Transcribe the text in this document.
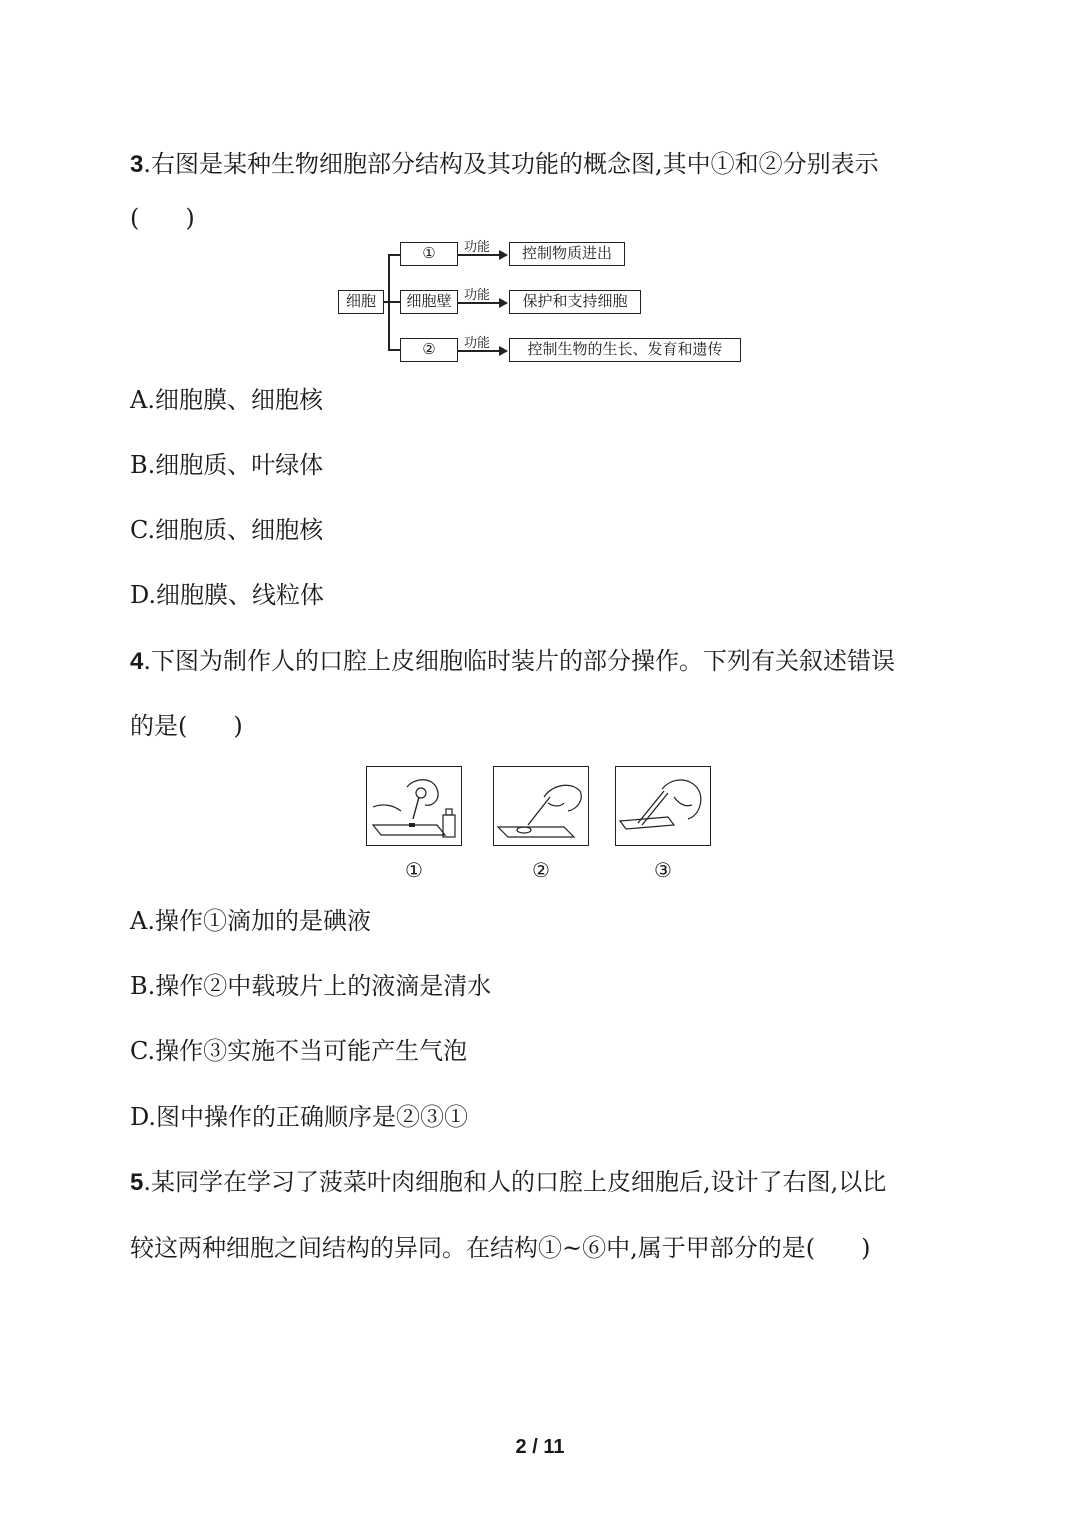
3.右图是某种生物细胞部分结构及其功能的概念图,其中①和②分别表示
( )
细胞
①
细胞壁
②
功能
功能
功能
控制物质进出
保护和支持细胞
控制生物的生长、发育和遗传
A.细胞膜、细胞核
B.细胞质、叶绿体
C.细胞质、细胞核
D.细胞膜、线粒体
4.下图为制作人的口腔上皮细胞临时装片的部分操作。下列有关叙述错误
的是( )
①	②	③
A.操作①滴加的是碘液
B.操作②中载玻片上的液滴是清水
C.操作③实施不当可能产生气泡
D.图中操作的正确顺序是②③①
5.某同学在学习了菠菜叶肉细胞和人的口腔上皮细胞后,设计了右图,以比
较这两种细胞之间结构的异同。在结构①~⑥中,属于甲部分的是( )
2 / 11
